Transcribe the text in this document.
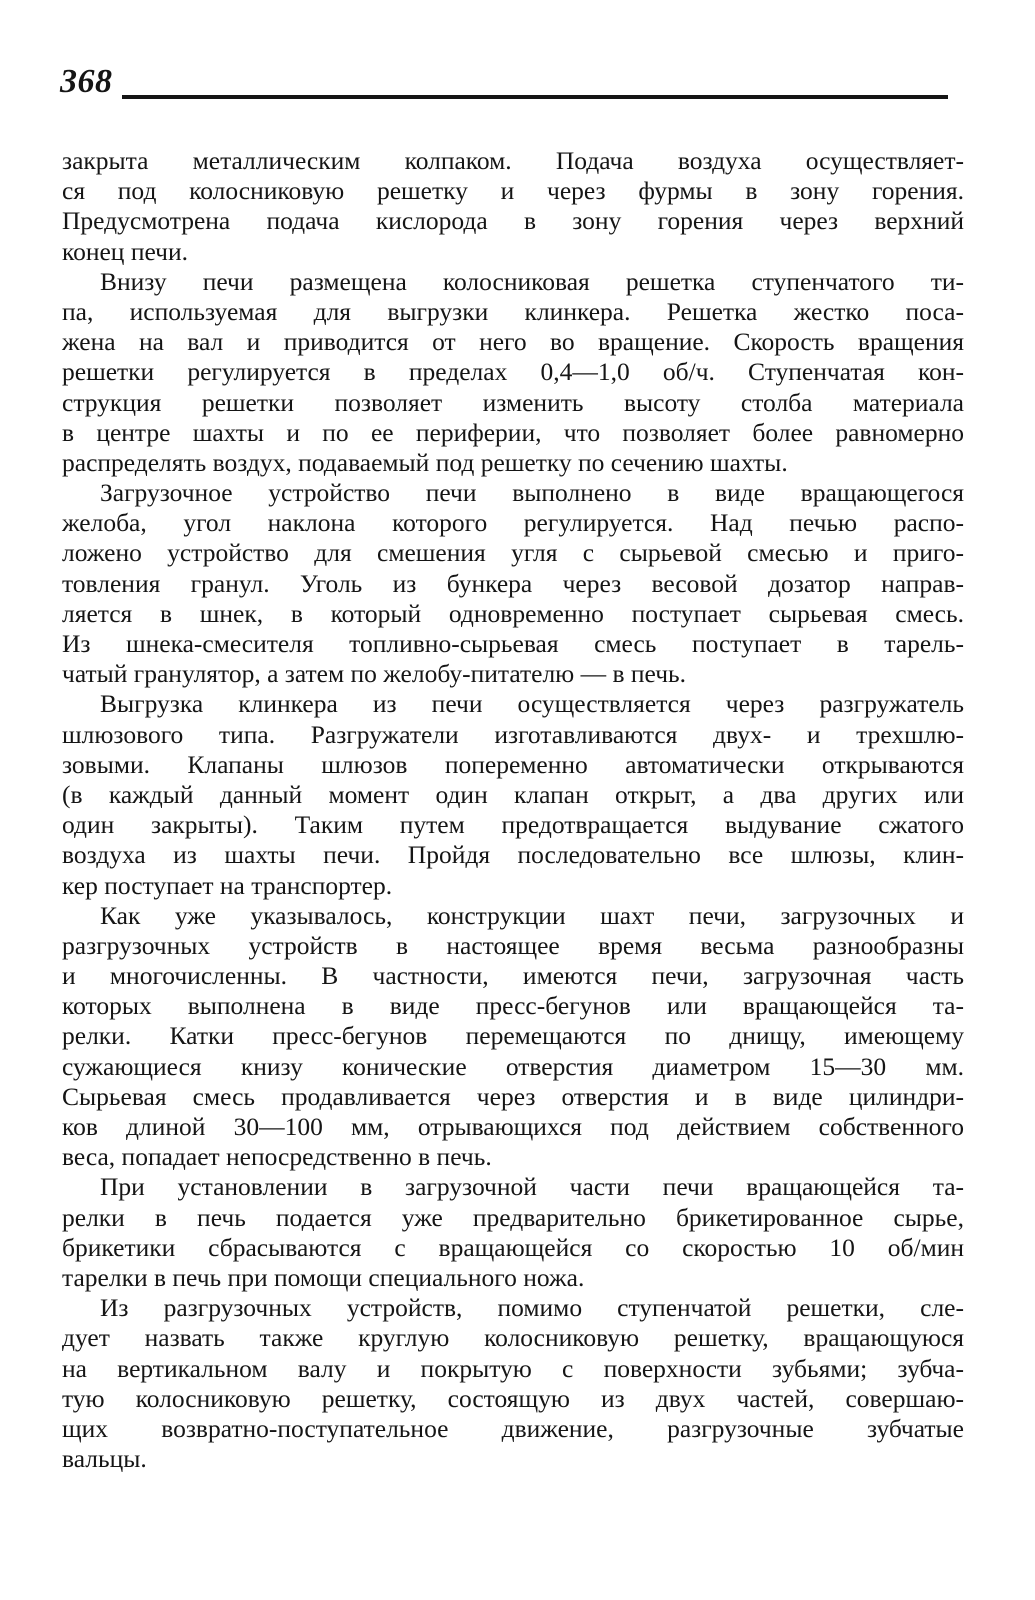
368
закрыта металлическим колпаком. Подача воздуха осуществляет-
ся под колосниковую решетку и через фурмы в зону горения.
Предусмотрена подача кислорода в зону горения через верхний
конец печи.
Внизу печи размещена колосниковая решетка ступенчатого ти-
па, используемая для выгрузки клинкера. Решетка жестко поса-
жена на вал и приводится от него во вращение. Скорость вращения
решетки регулируется в пределах 0,4—1,0 об/ч. Ступенчатая кон-
струкция решетки позволяет изменить высоту столба материала
в центре шахты и по ее периферии, что позволяет более равномерно
распределять воздух, подаваемый под решетку по сечению шахты.
Загрузочное устройство печи выполнено в виде вращающегося
желоба, угол наклона которого регулируется. Над печью распо-
ложено устройство для смешения угля с сырьевой смесью и приго-
товления гранул. Уголь из бункера через весовой дозатор направ-
ляется в шнек, в который одновременно поступает сырьевая смесь.
Из шнека-смесителя топливно-сырьевая смесь поступает в тарель-
чатый гранулятор, а затем по желобу-питателю — в печь.
Выгрузка клинкера из печи осуществляется через разгружатель
шлюзового типа. Разгружатели изготавливаются двух- и трехшлю-
зовыми. Клапаны шлюзов попеременно автоматически открываются
(в каждый данный момент один клапан открыт, а два других или
один закрыты). Таким путем предотвращается выдувание сжатого
воздуха из шахты печи. Пройдя последовательно все шлюзы, клин-
кер поступает на транспортер.
Как уже указывалось, конструкции шахт печи, загрузочных и
разгрузочных устройств в настоящее время весьма разнообразны
и многочисленны. В частности, имеются печи, загрузочная часть
которых выполнена в виде пресс-бегунов или вращающейся та-
релки. Катки пресс-бегунов перемещаются по днищу, имеющему
сужающиеся книзу конические отверстия диаметром 15—30 мм.
Сырьевая смесь продавливается через отверстия и в виде цилиндри-
ков длиной 30—100 мм, отрывающихся под действием собственного
веса, попадает непосредственно в печь.
При установлении в загрузочной части печи вращающейся та-
релки в печь подается уже предварительно брикетированное сырье,
брикетики сбрасываются с вращающейся со скоростью 10 об/мин
тарелки в печь при помощи специального ножа.
Из разгрузочных устройств, помимо ступенчатой решетки, сле-
дует назвать также круглую колосниковую решетку, вращающуюся
на вертикальном валу и покрытую с поверхности зубьями; зубча-
тую колосниковую решетку, состоящую из двух частей, совершаю-
щих возвратно-поступательное движение, разгрузочные зубчатые
вальцы.
